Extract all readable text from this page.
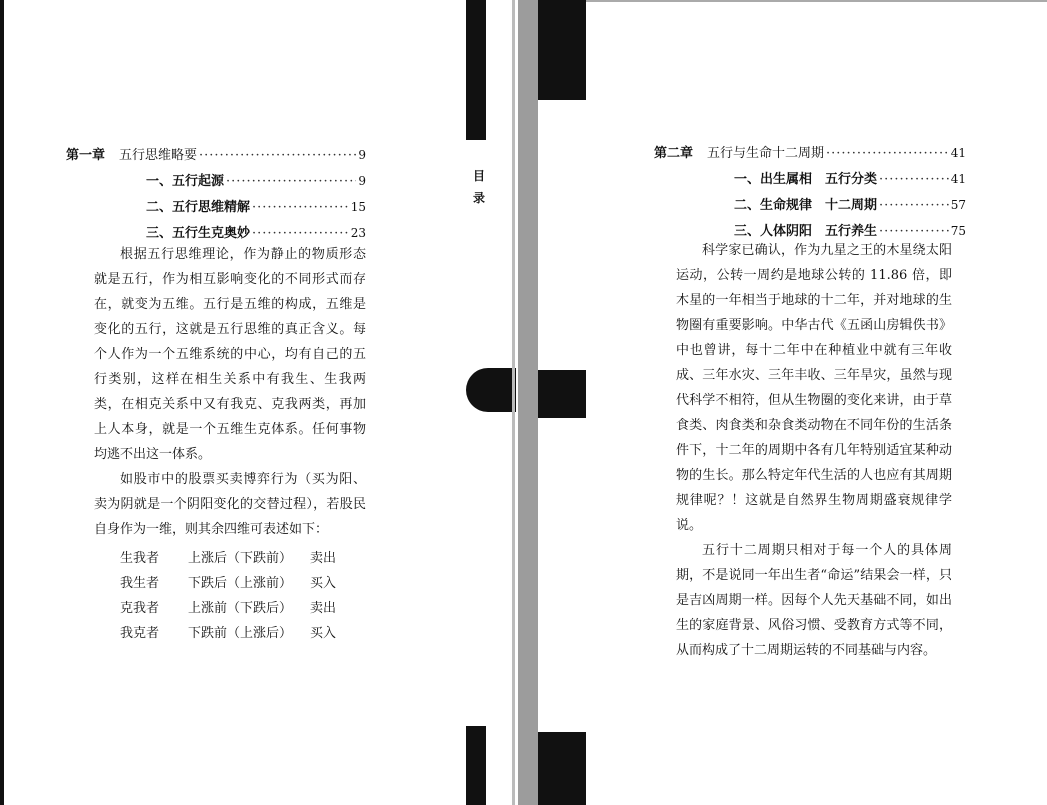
第一章 五行思维略要 ·····	9
一、五行起源 ·····	9
二、五行思维精解 ·····	15
三、五行生克奥妙 ·····	23

根据五行思维理论，作为静止的物质形态就是五行，作为相互影响变化的不同形式而存在，就变为五维。五行是五维的构成，五维是变化的五行，这就是五行思维的真正含义。每个人作为一个五维系统的中心，均有自己的五行类别，这样在相生关系中有我生、生我两类，在相克关系中又有我克、克我两类，再加上人本身，就是一个五维生克体系。任何事物均逃不出这一体系。

如股市中的股票买卖博弈行为（买为阳、卖为阴就是一个阴阳变化的交替过程），若股民自身作为一维，则其余四维可表述如下：

生我者	上涨后（下跌前）	卖出
我生者	下跌后（上涨前）	买入
克我者	上涨前（下跌后）	卖出
我克者	下跌前（上涨后）	买入
目录
第二章 五行与生命十二周期 ·····	41
一、出生属相　五行分类 ·····	41
二、生命规律　十二周期 ·····	57
三、人体阴阳　五行养生 ·····	75

科学家已确认，作为九星之王的木星绕太阳运动，公转一周约是地球公转的 11.86 倍，即木星的一年相当于地球的十二年，并对地球的生物圈有重要影响。中华古代《五函山房辑佚书》中也曾讲，每十二年中在种植业中就有三年收成、三年水灾、三年丰收、三年旱灾，虽然与现代科学不相符，但从生物圈的变化来讲，由于草食类、肉食类和杂食类动物在不同年份的生活条件下，十二年的周期中各有几年特别适宜某种动物的生长。那么特定年代生活的人也应有其周期规律呢？！这就是自然界生物周期盛衰规律学说。

五行十二周期只相对于每一个人的具体周期，不是说同一年出生者“命运”结果会一样，只是吉凶周期一样。因每个人先天基础不同，如出生的家庭背景、风俗习惯、受教育方式等不同，从而构成了十二周期运转的不同基础与内容。
